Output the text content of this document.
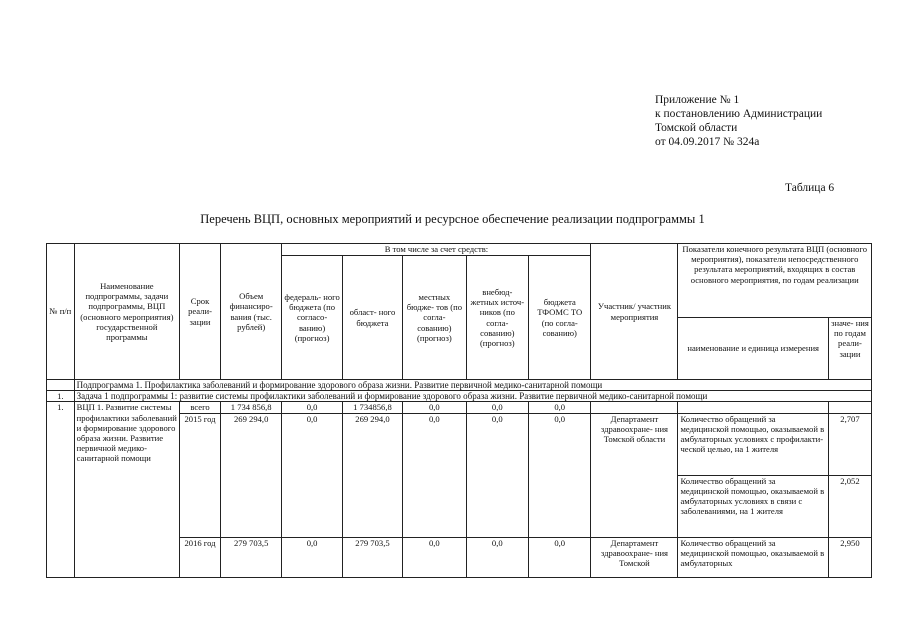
Приложение № 1
к постановлению Администрации
Томской области
от 04.09.2017 № 324а
Таблица 6
Перечень ВЦП, основных мероприятий и ресурсное обеспечение реализации подпрограммы 1
№ п/п	Наименование подпрограммы, задачи подпрограммы, ВЦП (основного мероприятия) государственной программы	Срок реали- зации	Объем финансиро- вания (тыс. рублей)	В том числе за счет средств:					Участник/ участник мероприятия	Показатели конечного результата ВЦП (основного мероприятия), показатели непосредственного результата мероприятий, входящих в состав основного мероприятия, по годам реализации	
				федераль- ного бюджета (по согласо- ванию) (прогноз)	област- ного бюджета	местных бюдже- тов (по согла- сованию) (прогноз)	внебюд- жетных источ- ников (по согла- сованию) (прогноз)	бюджета ТФОМС ТО (по согла- сованию)			
										наименование и единица измерения	значе- ния по годам реали- зации
	Подпрограмма 1. Профилактика заболеваний и формирование здорового образа жизни. Развитие первичной медико-санитарной помощи										
1.	Задача 1 подпрограммы 1: развитие системы профилактики заболеваний и формирование здорового образа жизни. Развитие первичной медико-санитарной помощи										
1.	ВЦП 1. Развитие системы профилактики заболеваний и формирование здорового образа жизни. Развитие первичной медико-санитарной помощи	всего	1 734 856,8	0,0	1 734856,8	0,0	0,0	0,0			
		2015 год	269 294,0	0,0	269 294,0	0,0	0,0	0,0	Департамент здравоохране- ния Томской области	Количество обращений за медицинской помощью, оказываемой в амбулаторных условиях с профилакти- ческой целью, на 1 жителя	2,707
										Количество обращений за медицинской помощью, оказываемой в амбулаторных условиях в связи с заболеваниями, на 1 жителя	2,052
		2016 год	279 703,5	0,0	279 703,5	0,0	0,0	0,0	Департамент здравоохране- ния Томской	Количество обращений за медицинской помощью, оказываемой в амбулаторных	2,950
